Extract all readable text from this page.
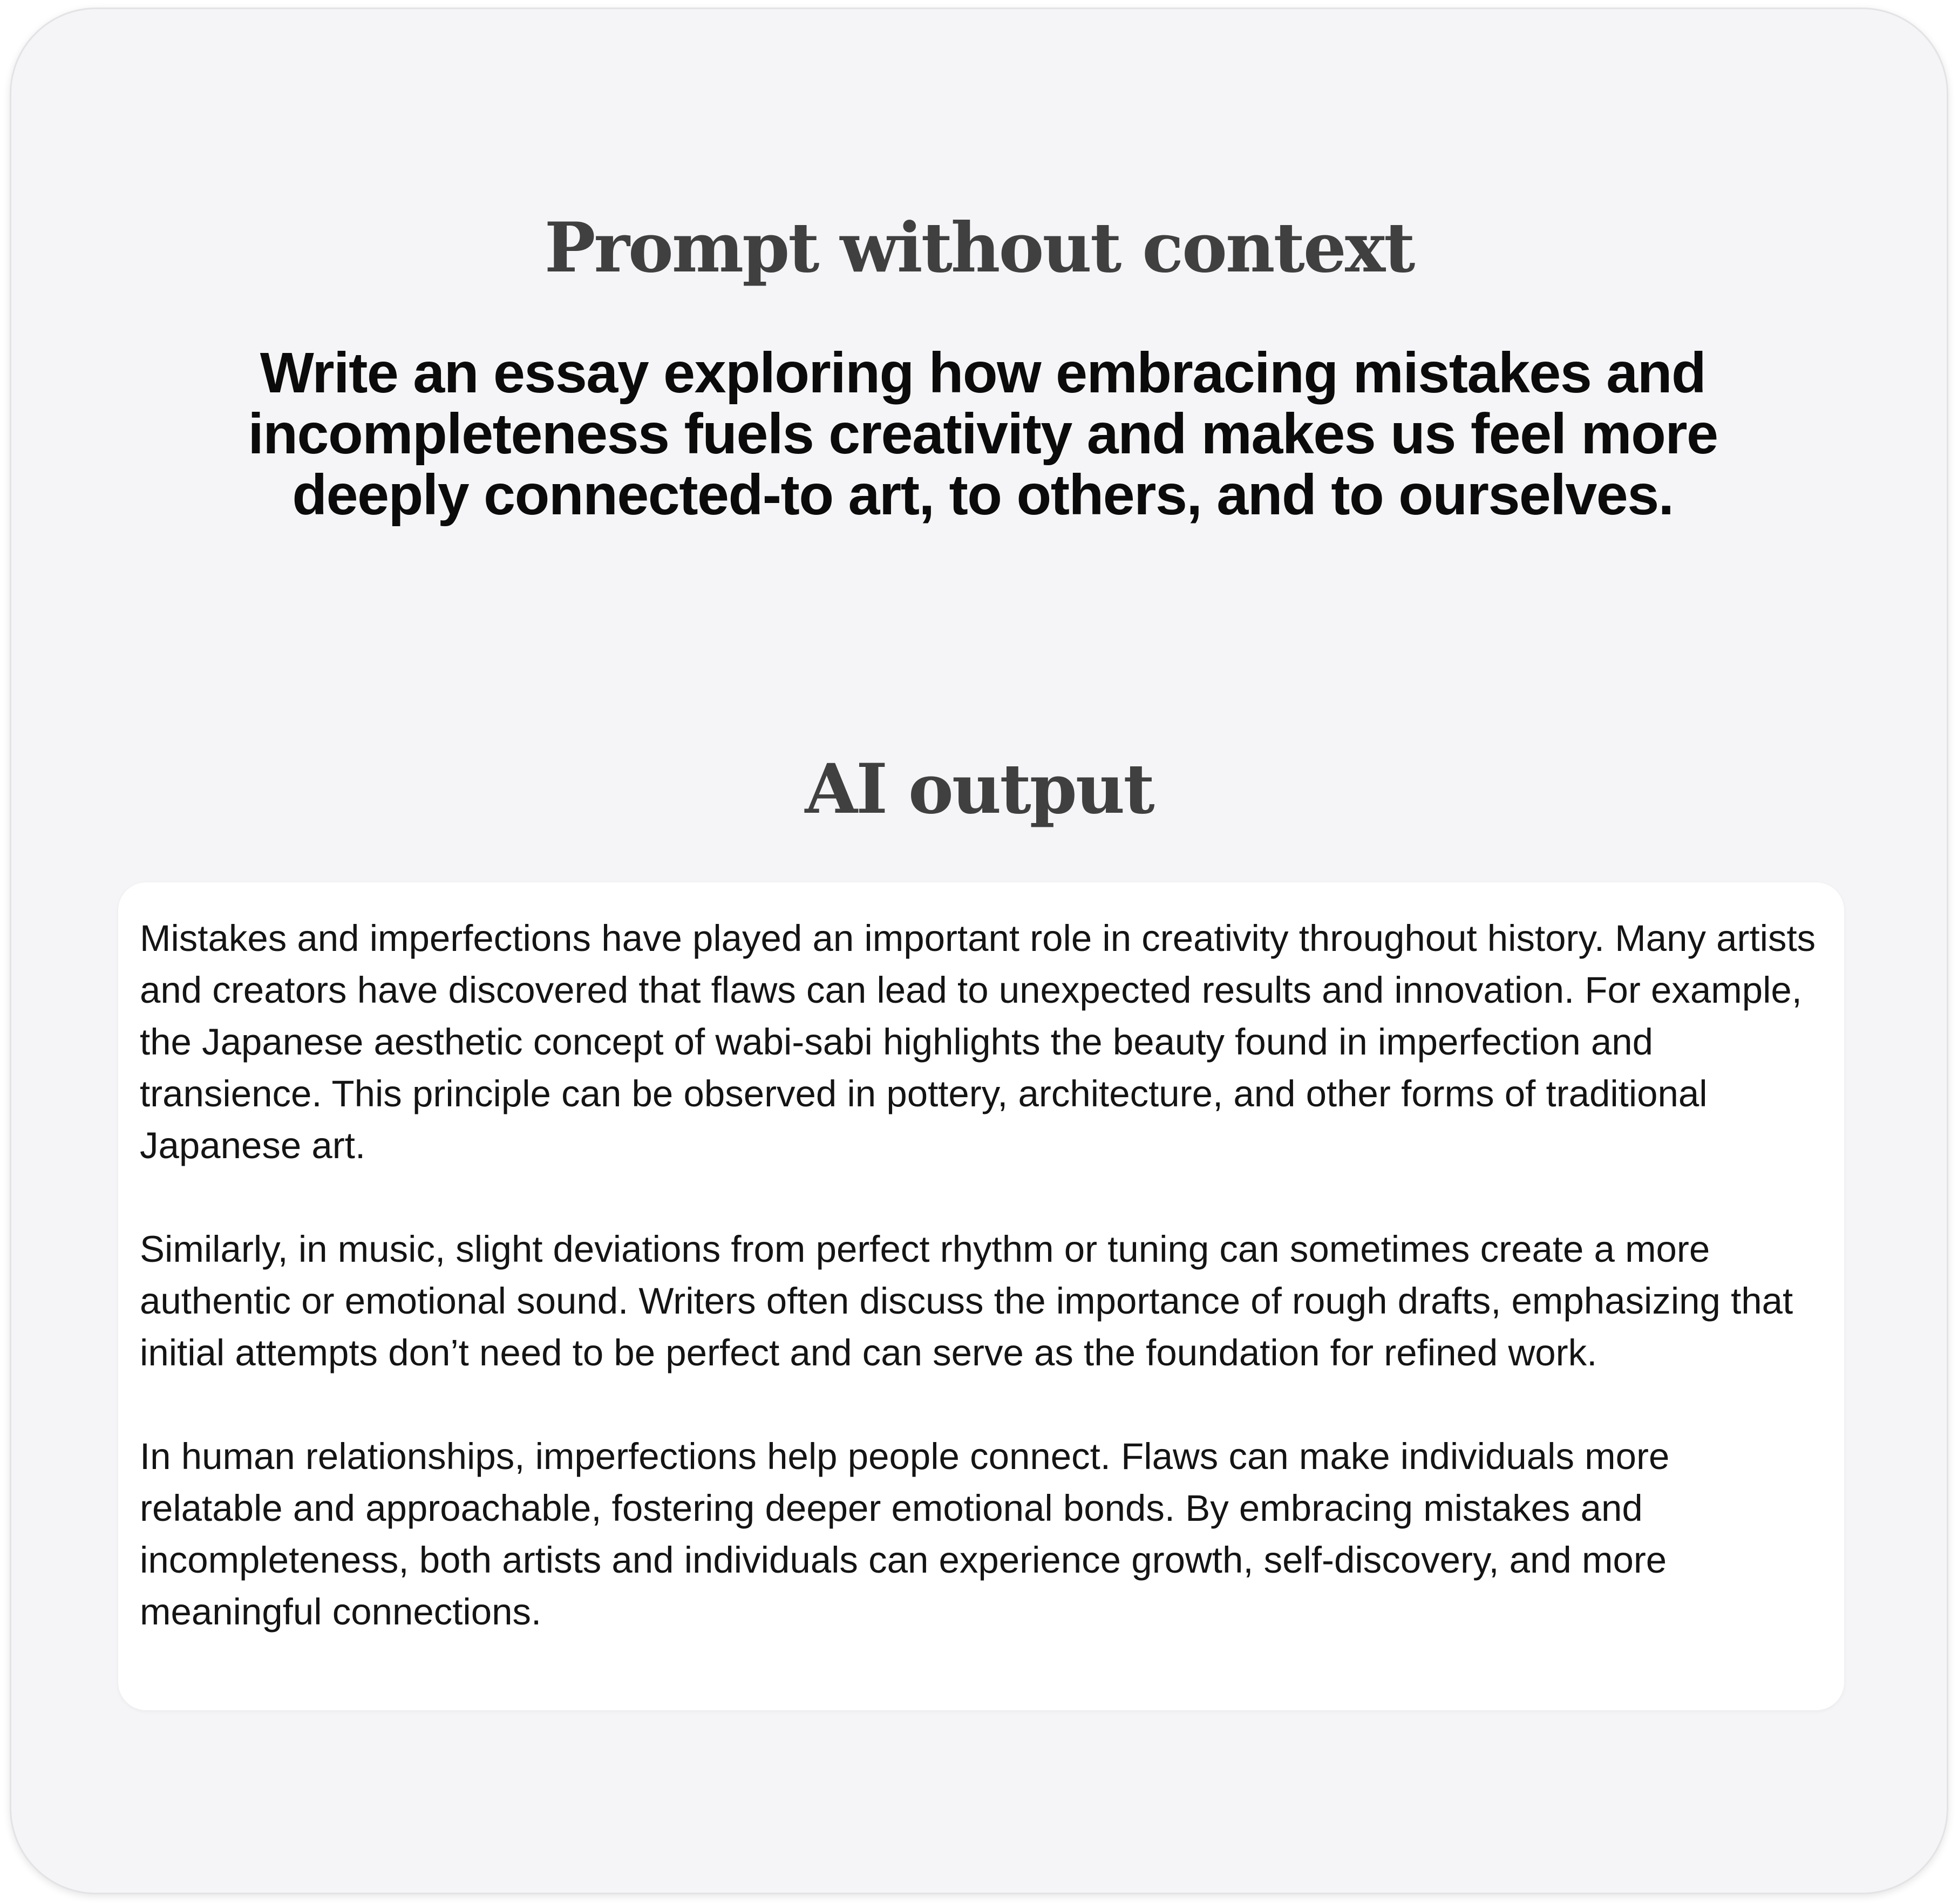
Prompt without context
Write an essay exploring how embracing mistakes and
incompleteness fuels creativity and makes us feel more
deeply connected-to art, to others, and to ourselves.
AI output

Mistakes and imperfections have played an important role in creativity throughout history. Many artists and creators have discovered that flaws can lead to unexpected results and innovation. For example, the Japanese aesthetic concept of wabi-sabi highlights the beauty found in imperfection and transience. This principle can be observed in pottery, architecture, and other forms of traditional Japanese art.

Similarly, in music, slight deviations from perfect rhythm or tuning can sometimes create a more authentic or emotional sound. Writers often discuss the importance of rough drafts, emphasizing that initial attempts don’t need to be perfect and can serve as the foundation for refined work.

In human relationships, imperfections help people connect. Flaws can make individuals more relatable and approachable, fostering deeper emotional bonds. By embracing mistakes and incompleteness, both artists and individuals can experience growth, self-discovery, and more meaningful connections.
